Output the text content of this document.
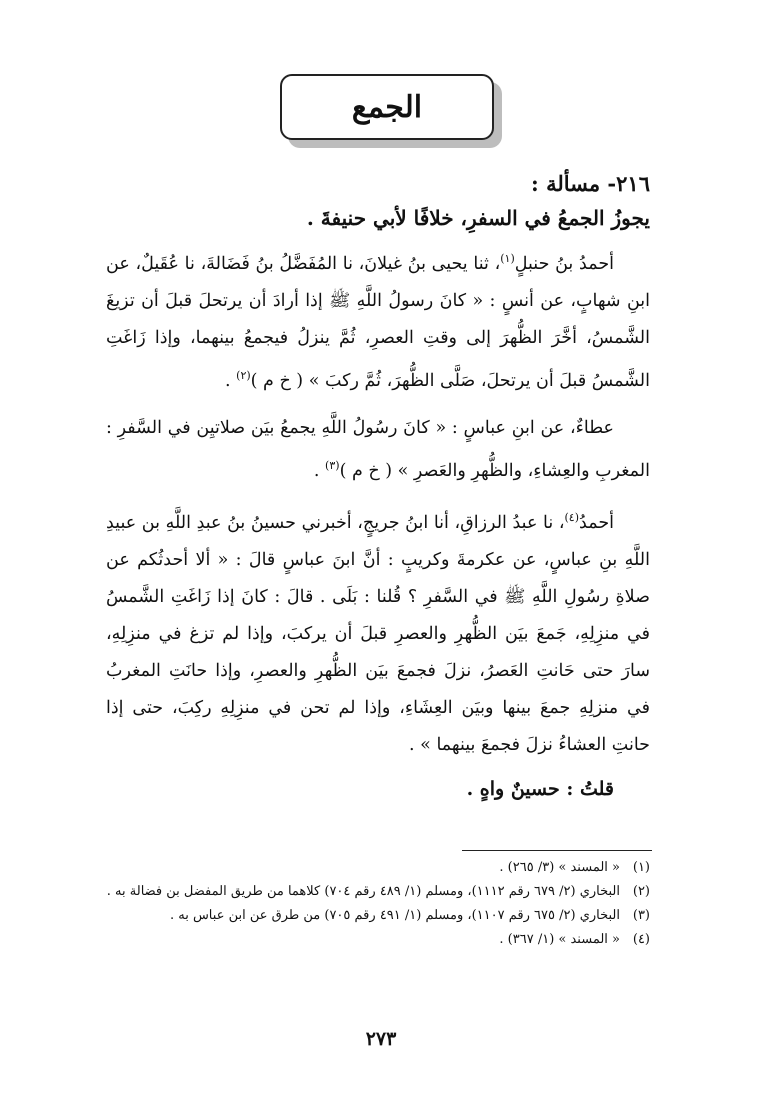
الجمع
٢١٦- مسألة :
يجوزُ الجمعُ في السفرِ، خلافًا لأبي حنيفةَ .

أحمدُ بنُ حنبلٍ$^{(١)}$، ثنا يحيى بنُ غيلانَ، نا المُفَضَّلُ بنُ فَضَالةَ، نا عُقَيلٌ، عن ابنِ شهابٍ، عن أنسٍ : « كانَ رسولُ اللَّهِ ﷺ إذا أرادَ أن يرتحلَ قبلَ أن تزيغَ الشَّمسُ، أخَّرَ الظُّهرَ إلى وقتِ العصرِ، ثُمَّ ينزلُ فيجمعُ بينهما، وإذا زَاغَتِ الشَّمسُ قبلَ أن يرتحلَ، صَلَّى الظُّهرَ، ثُمَّ ركبَ » ( خ م )$^{(٢)}$ .

عطاءٌ، عن ابنِ عباسٍ : « كانَ رسُولُ اللَّهِ يجمعُ بيَن صلاتيِن في السَّفرِ : المغربِ والعِشاءِ، والظُّهرِ والعَصرِ » ( خ م )$^{(٣)}$ .

أحمدُ$^{(٤)}$، نا عبدُ الرزاقِ، أنا ابنُ جريجٍ، أخبرني حسينُ بنُ عبدِ اللَّهِ بن عبيدِ اللَّهِ بنِ عباسٍ، عن عكرمةَ وكريبٍ : أنَّ ابنَ عباسٍ قالَ : « ألا أحدثُكم عن صلاةِ رسُولِ اللَّهِ ﷺ في السَّفرِ ؟ قُلنا : بَلَى . قالَ : كانَ إذا زَاغَتِ الشَّمسُ في منزِلِهِ، جَمعَ بيَن الظُّهرِ والعصرِ قبلَ أن يركبَ، وإذا لم تزغ في منزِلِهِ، سارَ حتى حَانتِ العَصرُ، نزلَ فجمعَ بيَن الظُّهرِ والعصرِ، وإذا حانَتِ المغربُ في منزلِهِ جمعَ بينها وبيَن العِشَاءِ، وإذا لم تحن في منزِلِهِ ركِبَ، حتى إذا حانتِ العشاءُ نزلَ فجمعَ بينهما » .

قلتُ : حسينٌ واهٍ .
(١)
« المسند » (٣/ ٢٦٥) .
(٢)
البخاري (٢/ ٦٧٩ رقم ١١١٢)، ومسلم (١/ ٤٨٩ رقم ٧٠٤) كلاهما من طريق المفضل بن فضالة به .
(٣)
البخاري (٢/ ٦٧٥ رقم ١١٠٧)، ومسلم (١/ ٤٩١ رقم ٧٠٥) من طرق عن ابن عباس به .
(٤)
« المسند » (١/ ٣٦٧) .
٢٧٣
